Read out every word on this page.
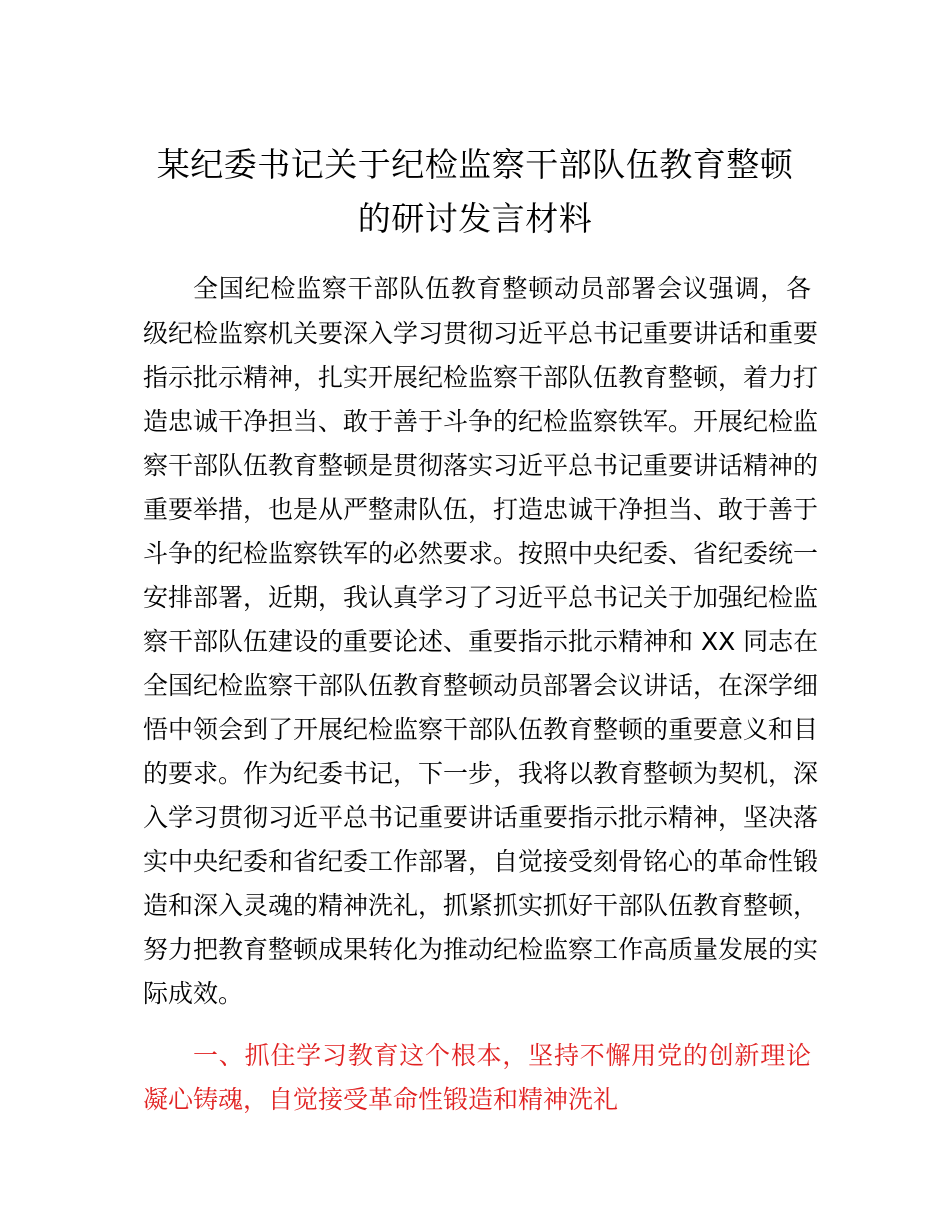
某纪委书记关于纪检监察干部队伍教育整顿
的研讨发言材料
全国纪检监察干部队伍教育整顿动员部署会议强调，各
级纪检监察机关要深入学习贯彻习近平总书记重要讲话和重要
指示批示精神，扎实开展纪检监察干部队伍教育整顿，着力打
造忠诚干净担当、敢于善于斗争的纪检监察铁军。开展纪检监
察干部队伍教育整顿是贯彻落实习近平总书记重要讲话精神的
重要举措，也是从严整肃队伍，打造忠诚干净担当、敢于善于
斗争的纪检监察铁军的必然要求。按照中央纪委、省纪委统一
安排部署，近期，我认真学习了习近平总书记关于加强纪检监
察干部队伍建设的重要论述、重要指示批示精神和 XX 同志在
全国纪检监察干部队伍教育整顿动员部署会议讲话，在深学细
悟中领会到了开展纪检监察干部队伍教育整顿的重要意义和目
的要求。作为纪委书记，下一步，我将以教育整顿为契机，深
入学习贯彻习近平总书记重要讲话重要指示批示精神，坚决落
实中央纪委和省纪委工作部署，自觉接受刻骨铭心的革命性锻
造和深入灵魂的精神洗礼，抓紧抓实抓好干部队伍教育整顿，
努力把教育整顿成果转化为推动纪检监察工作高质量发展的实
际成效。
一、抓住学习教育这个根本，坚持不懈用党的创新理论
凝心铸魂，自觉接受革命性锻造和精神洗礼
